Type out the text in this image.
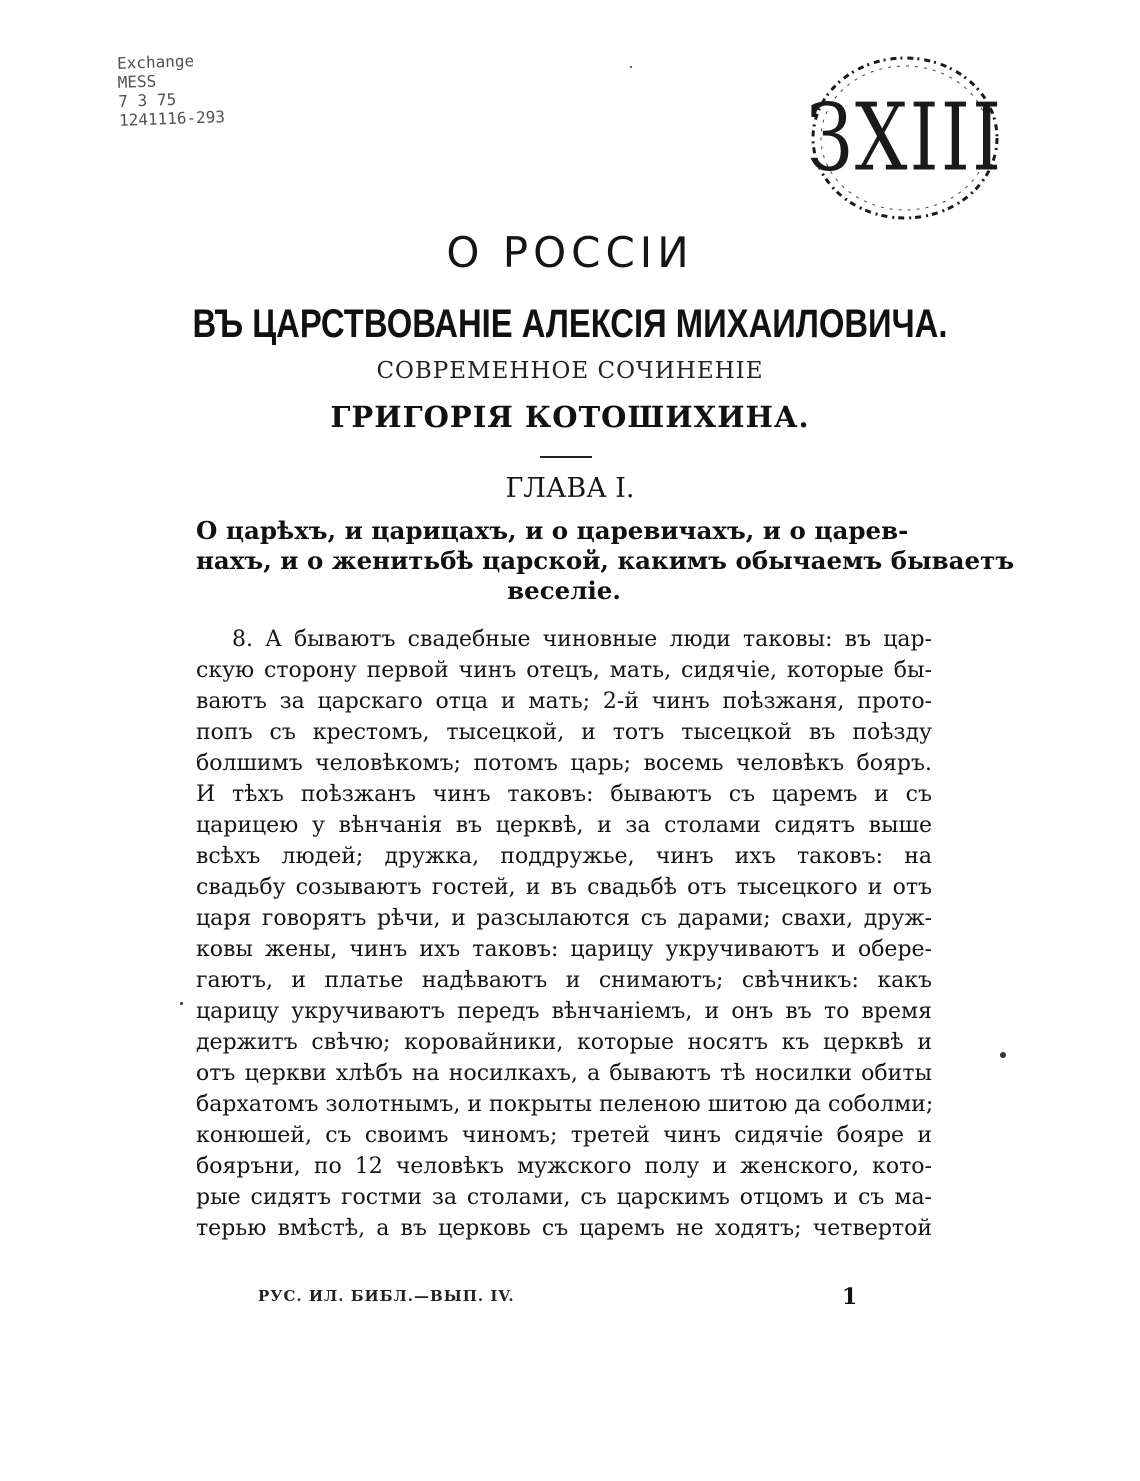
Exchange
MESS
7 3 75
1241116-293	ЗХIII
О РОССІИ
ВЪ ЦАРСТВОВАНІЕ АЛЕКСІЯ МИХАИЛОВИЧА.
СОВРЕМЕННОЕ СОЧИНЕНІЕ
ГРИГОРІЯ КОТОШИХИНА.
ГЛАВА I.
О царѣхъ, и царицахъ, и о царевичахъ, и о царев-
нахъ, и о женитьбѣ царской, какимъ обычаемъ бываетъ
веселіе.
8. А бываютъ свадебные чиновные люди таковы: въ цар-
скую сторону первой чинъ отецъ, мать, сидячіе, которые бы-
ваютъ за царскаго отца и мать; 2-й чинъ поѣзжаня, прото-
попъ съ крестомъ, тысецкой, и тотъ тысецкой въ поѣзду
болшимъ человѣкомъ; потомъ царь; восемь человѣкъ бояръ.
И тѣхъ поѣзжанъ чинъ таковъ: бываютъ съ царемъ и съ
царицею у вѣнчанія въ церквѣ, и за столами сидятъ выше
всѣхъ людей; дружка, поддружье, чинъ ихъ таковъ: на
свадьбу созываютъ гостей, и въ свадьбѣ отъ тысецкого и отъ
царя говорятъ рѣчи, и разсылаются съ дарами; свахи, друж-
ковы жены, чинъ ихъ таковъ: царицу укручиваютъ и обере-
гаютъ, и платье надѣваютъ и снимаютъ; свѣчникъ: какъ
царицу укручиваютъ передъ вѣнчаніемъ, и онъ въ то время
держитъ свѣчю; коровайники, которые носятъ къ церквѣ и
отъ церкви хлѣбъ на носилкахъ, а бываютъ тѣ носилки обиты
бархатомъ золотнымъ, и покрыты пеленою шитою да соболми;
конюшей, съ своимъ чиномъ; третей чинъ сидячіе бояре и
бояръни, по 12 человѣкъ мужского полу и женского, кото-
рые сидятъ гостми за столами, съ царскимъ отцомъ и съ ма-
терью вмѣстѣ, а въ церковь съ царемъ не ходятъ; четвертой
РУС. ИЛ. БИБЛ.—ВЫП. IV.	1
